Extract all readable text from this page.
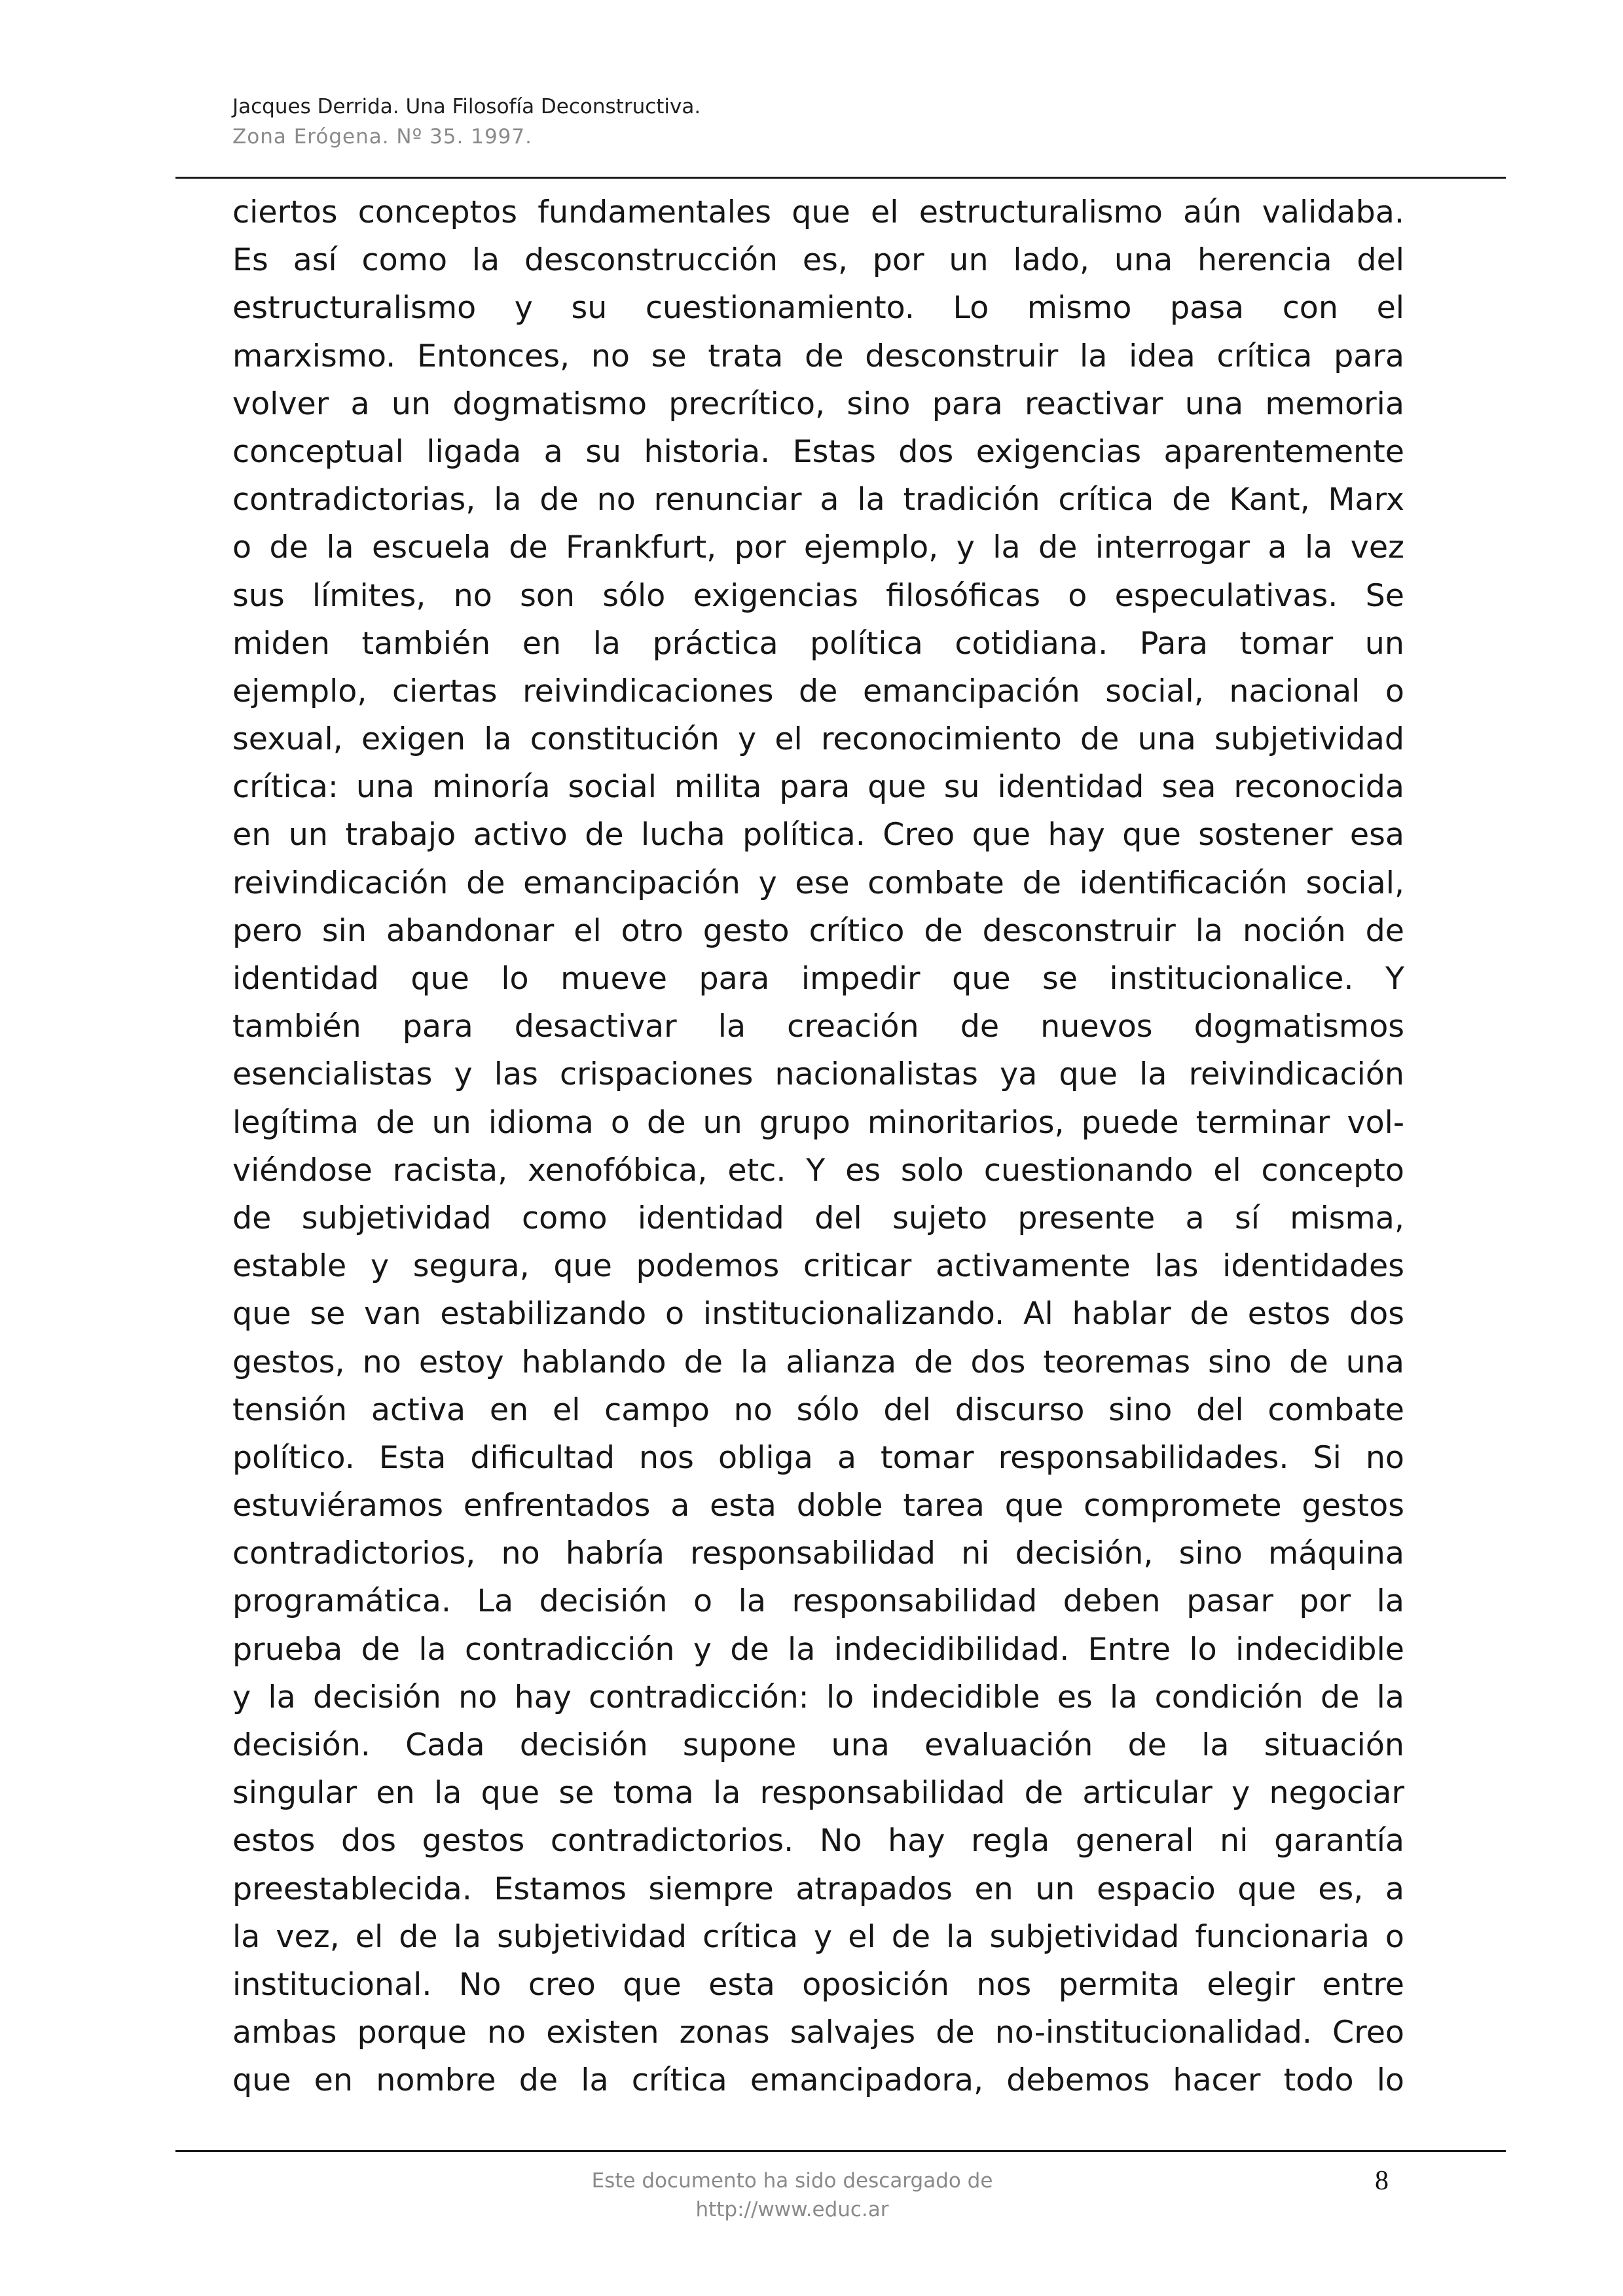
Jacques Derrida. Una Filosofía Deconstructiva.
Zona Erógena. Nº 35. 1997.
ciertos conceptos fundamentales que el estructuralismo aún validaba.
Es así como la desconstrucción es, por un lado, una herencia del
estructuralismo y su cuestionamiento. Lo mismo pasa con el
marxismo. Entonces, no se trata de desconstruir la idea crítica para
volver a un dogmatismo precrítico, sino para reactivar una memoria
conceptual ligada a su historia. Estas dos exigencias aparentemente
contradictorias, la de no renunciar a la tradición crítica de Kant, Marx
o de la escuela de Frankfurt, por ejemplo, y la de interrogar a la vez
sus límites, no son sólo exigencias filosóficas o especulativas. Se
miden también en la práctica política cotidiana. Para tomar un
ejemplo, ciertas reivindicaciones de emancipación social, nacional o
sexual, exigen la constitución y el reconocimiento de una subjetividad
crítica: una minoría social milita para que su identidad sea reconocida
en un trabajo activo de lucha política. Creo que hay que sostener esa
reivindicación de emancipación y ese combate de identificación social,
pero sin abandonar el otro gesto crítico de desconstruir la noción de
identidad que lo mueve para impedir que se institucionalice. Y
también para desactivar la creación de nuevos dogmatismos
esencialistas y las crispaciones nacionalistas ya que la reivindicación
legítima de un idioma o de un grupo minoritarios, puede terminar vol-
viéndose racista, xenofóbica, etc. Y es solo cuestionando el concepto
de subjetividad como identidad del sujeto presente a sí misma,
estable y segura, que podemos criticar activamente las identidades
que se van estabilizando o institucionalizando. Al hablar de estos dos
gestos, no estoy hablando de la alianza de dos teoremas sino de una
tensión activa en el campo no sólo del discurso sino del combate
político. Esta dificultad nos obliga a tomar responsabilidades. Si no
estuviéramos enfrentados a esta doble tarea que compromete gestos
contradictorios, no habría responsabilidad ni decisión, sino máquina
programática. La decisión o la responsabilidad deben pasar por la
prueba de la contradicción y de la indecidibilidad. Entre lo indecidible
y la decisión no hay contradicción: lo indecidible es la condición de la
decisión. Cada decisión supone una evaluación de la situación
singular en la que se toma la responsabilidad de articular y negociar
estos dos gestos contradictorios. No hay regla general ni garantía
preestablecida. Estamos siempre atrapados en un espacio que es, a
la vez, el de la subjetividad crítica y el de la subjetividad funcionaria o
institucional. No creo que esta oposición nos permita elegir entre
ambas porque no existen zonas salvajes de no-institucionalidad. Creo
que en nombre de la crítica emancipadora, debemos hacer todo lo
Este documento ha sido descargado de
http://www.educ.ar
8
